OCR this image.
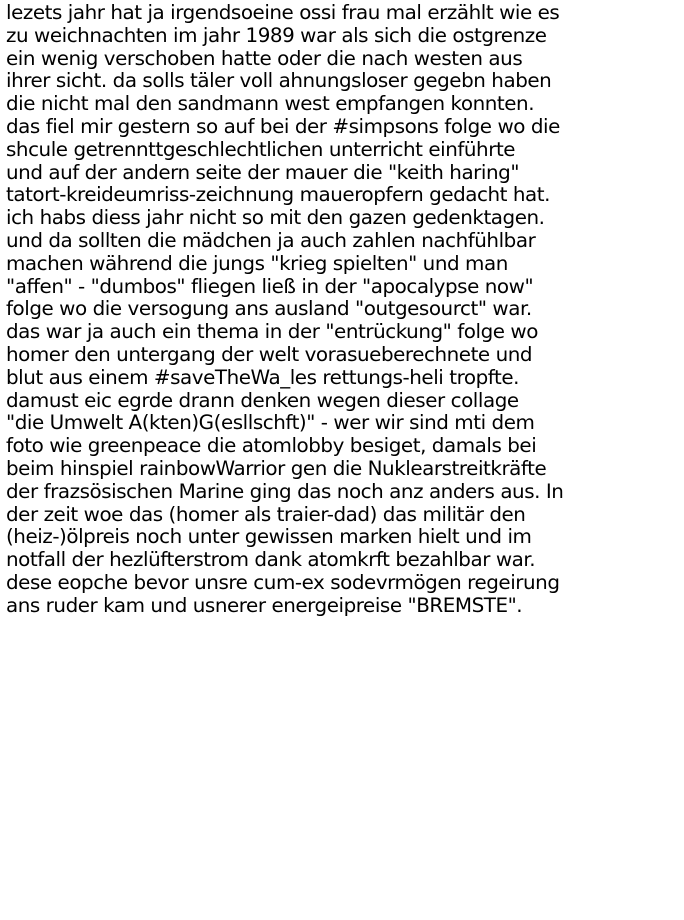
lezets jahr hat ja irgendsoeine ossi frau mal erzählt wie es
zu weichnachten im jahr 1989 war als sich die ostgrenze
ein wenig verschoben hatte oder die nach westen aus
ihrer sicht. da solls täler voll ahnungsloser gegebn haben
die nicht mal den sandmann west empfangen konnten.
das fiel mir gestern so auf bei der #simpsons folge wo die
shcule getrennttgeschlechtlichen unterricht einführte
und auf der andern seite der mauer die "keith haring"
tatort-kreideumriss-zeichnung maueropfern gedacht hat.
ich habs diess jahr nicht so mit den gazen gedenktagen.
und da sollten die mädchen ja auch zahlen nachfühlbar
machen während die jungs "krieg spielten" und man
"affen" - "dumbos" fliegen ließ in der "apocalypse now"
folge wo die versogung ans ausland "outgesourct" war.
das war ja auch ein thema in der "entrückung" folge wo
homer den untergang der welt vorasueberechnete und
blut aus einem #saveTheWa_les rettungs-heli tropfte.
damust eic egrde drann denken wegen dieser collage
"die Umwelt A(kten)G(esllschft)" - wer wir sind mti dem
foto wie greenpeace die atomlobby besiget, damals bei
beim hinspiel rainbowWarrior gen die Nuklearstreitkräfte
der frazsösischen Marine ging das noch anz anders aus. In
der zeit woe das (homer als traier-dad) das militär den
(heiz-)ölpreis noch unter gewissen marken hielt und im
notfall der hezlüfterstrom dank atomkrft bezahlbar war.
dese eopche bevor unsre cum-ex sodevrmögen regeirung
ans ruder kam und usnerer energeipreise "BREMSTE".
